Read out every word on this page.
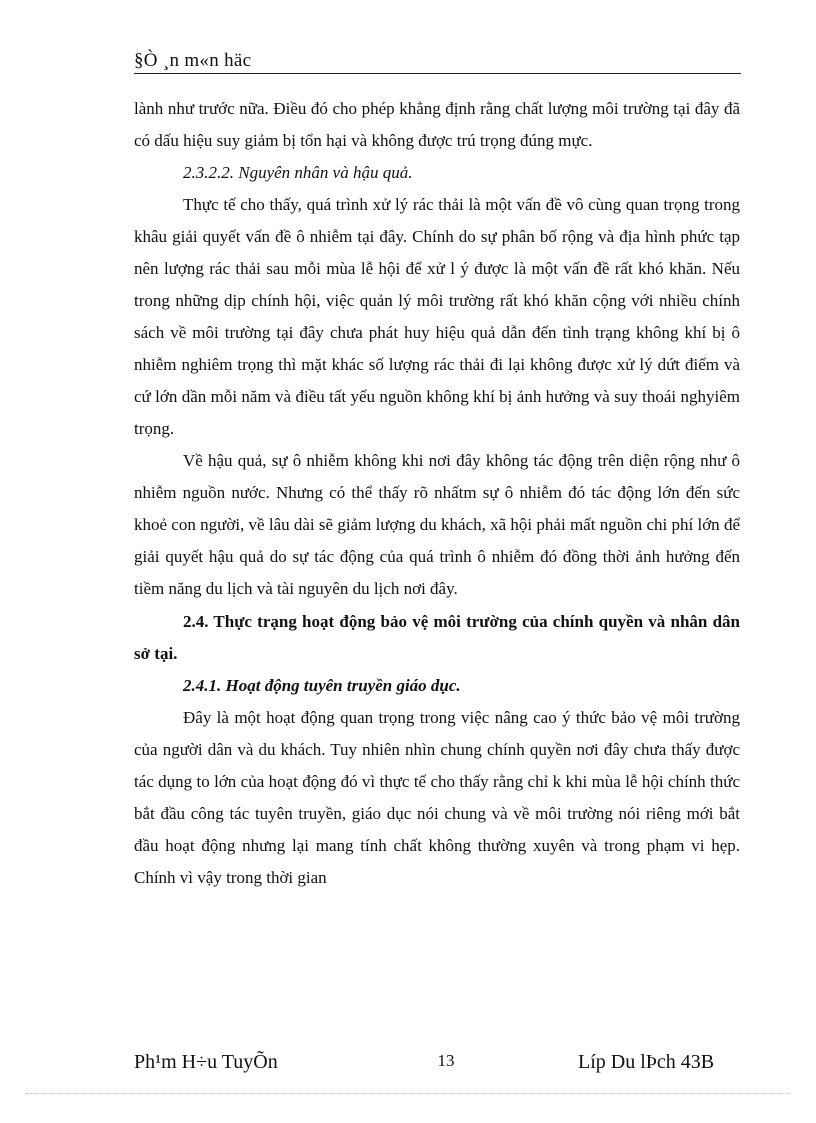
§Ò ¸n m«n häc

lành như trước nữa. Điều đó cho phép khẳng định rằng chất lượng môi trường tại đây đã có dấu hiệu suy giảm bị tổn hại và không được trú trọng đúng mực.

2.3.2.2. Nguyên nhân và hậu quả.

Thực tế cho thấy, quá trình xử lý rác thải là một vấn đề vô cùng quan trọng trong khâu giải quyết vấn đề ô nhiễm tại đây. Chính do sự phân bố rộng và địa hình phức tạp nên lượng rác thải sau mỗi mùa lễ hội để xử l ý được là một vấn đề rất khó khăn. Nếu trong những dịp chính hội, việc quản lý môi trường rất khó khăn cộng với nhiều chính sách về môi trường tại đây chưa phát huy hiệu quả dẫn đến tình trạng không khí bị ô nhiễm nghiêm trọng thì mặt khác số lượng rác thải đi lại không được xử lý dứt điểm và cứ lớn dần mỗi năm và điều tất yếu nguồn không khí bị ảnh hưởng và suy thoái nghyiêm trọng.

Về hậu quả, sự ô nhiễm không khi nơi đây không tác động trên diện rộng như ô nhiễm nguồn nước. Nhưng có thể thấy rõ nhấtm sự ô nhiễm đó tác động lớn đến sức khoẻ con người, về lâu dài sẽ giảm lượng du khách, xã hội phải mất nguồn chi phí lớn để giải quyết hậu quả do sự tác động của quá trình ô nhiễm đó đồng thời ảnh hưởng đến tiềm năng du lịch và tài nguyên du lịch nơi đây.

2.4. Thực trạng hoạt động bảo vệ môi trường của chính quyền và nhân dân sở tại.

2.4.1. Hoạt động tuyên truyền giáo dục.

Đây là một hoạt động quan trọng trong việc nâng cao ý thức bảo vệ môi trường của người dân và du khách. Tuy nhiên nhìn chung chính quyền nơi đây chưa thấy được tác dụng to lớn của hoạt động đó vì thực tế cho thấy rằng chỉ k khi mùa lễ hội chính thức bắt đầu công tác tuyên truyền, giáo dục nói chung và về môi trường nói riêng mới bắt đầu hoạt động nhưng lại mang tính chất không thường xuyên và trong phạm vi hẹp. Chính vì vậy trong thời gian

Ph¹m H÷u TuyÕn	13	Líp Du lÞch 43B
